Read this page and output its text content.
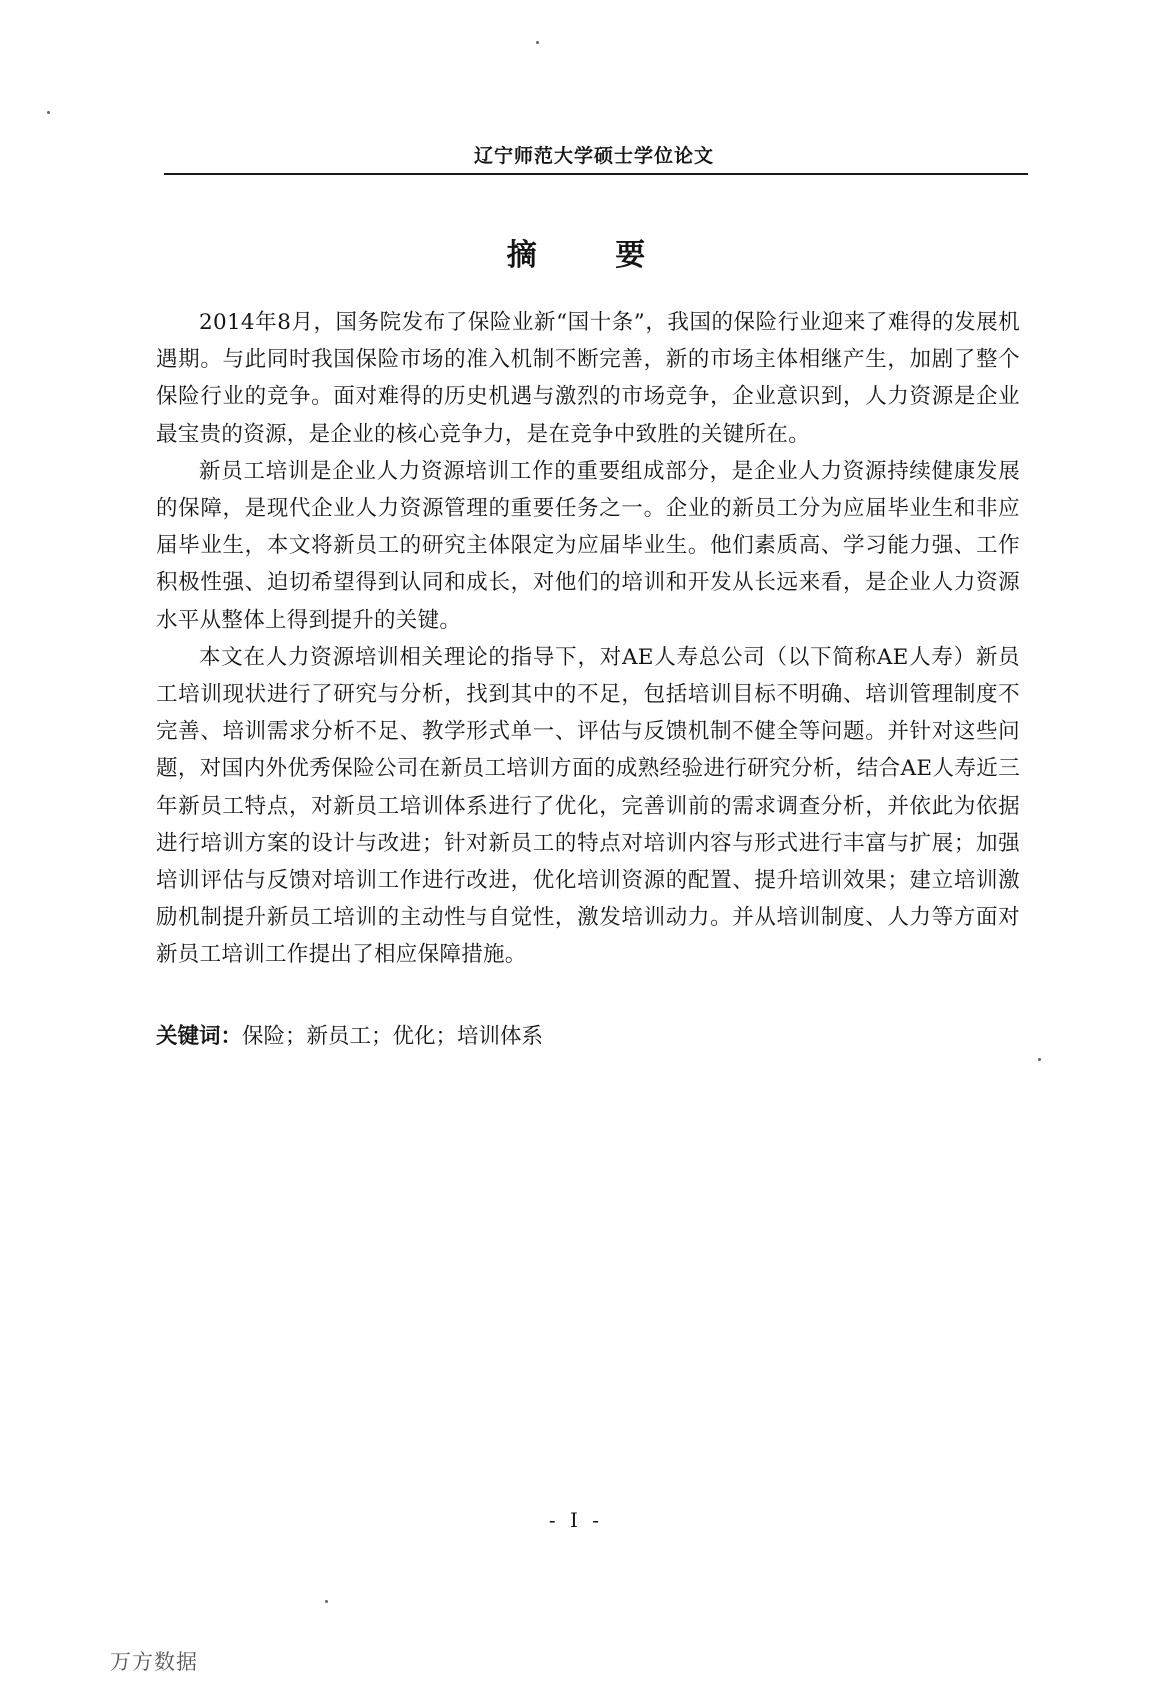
辽宁师范大学硕士学位论文
摘 要

2014年8月，国务院发布了保险业新“国十条”，我国的保险行业迎来了难得的发展机遇期。与此同时我国保险市场的准入机制不断完善，新的市场主体相继产生，加剧了整个保险行业的竞争。面对难得的历史机遇与激烈的市场竞争，企业意识到，人力资源是企业最宝贵的资源，是企业的核心竞争力，是在竞争中致胜的关键所在。

新员工培训是企业人力资源培训工作的重要组成部分，是企业人力资源持续健康发展的保障，是现代企业人力资源管理的重要任务之一。企业的新员工分为应届毕业生和非应届毕业生，本文将新员工的研究主体限定为应届毕业生。他们素质高、学习能力强、工作积极性强、迫切希望得到认同和成长，对他们的培训和开发从长远来看，是企业人力资源水平从整体上得到提升的关键。

本文在人力资源培训相关理论的指导下，对AE人寿总公司（以下简称AE人寿）新员工培训现状进行了研究与分析，找到其中的不足，包括培训目标不明确、培训管理制度不完善、培训需求分析不足、教学形式单一、评估与反馈机制不健全等问题。并针对这些问题，对国内外优秀保险公司在新员工培训方面的成熟经验进行研究分析，结合AE人寿近三年新员工特点，对新员工培训体系进行了优化，完善训前的需求调查分析，并依此为依据进行培训方案的设计与改进；针对新员工的特点对培训内容与形式进行丰富与扩展；加强培训评估与反馈对培训工作进行改进，优化培训资源的配置、提升培训效果；建立培训激励机制提升新员工培训的主动性与自觉性，激发培训动力。并从培训制度、人力等方面对新员工培训工作提出了相应保障措施。

关键词：保险；新员工；优化；培训体系
- I -
万方数据
